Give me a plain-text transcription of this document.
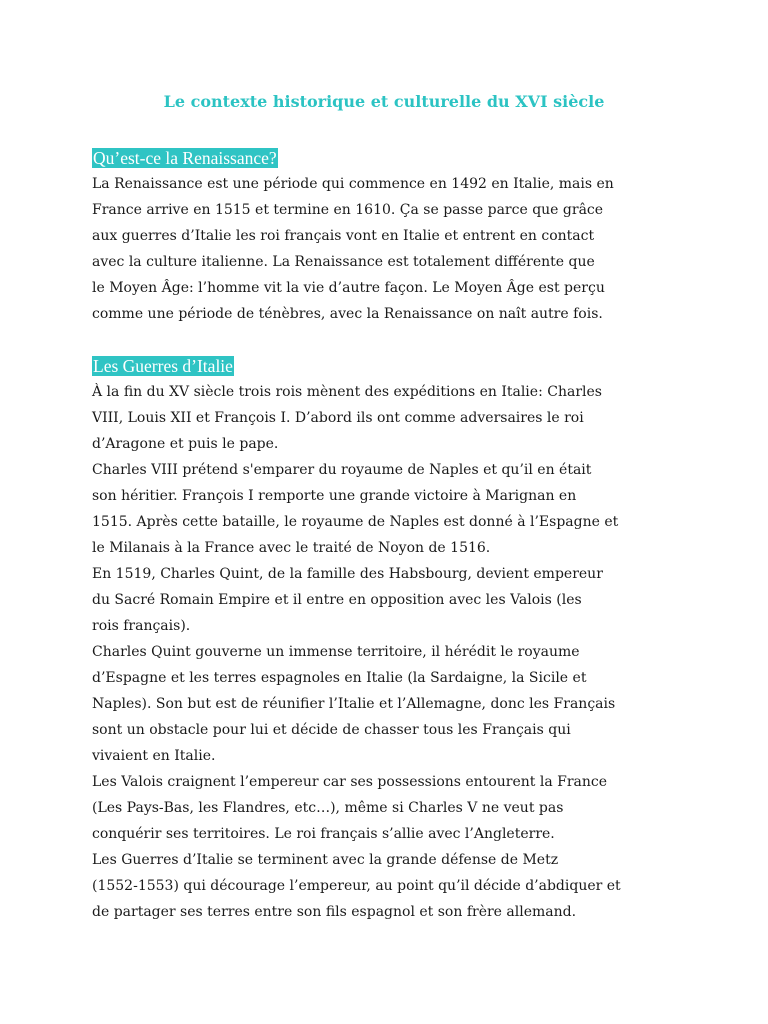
Le contexte historique et culturelle du XVI siècle
Qu’est-ce la Renaissance?
La Renaissance est une période qui commence en 1492 en Italie, mais en
France arrive en 1515 et termine en 1610. Ça se passe parce que grâce
aux guerres d’Italie les roi français vont en Italie et entrent en contact
avec la culture italienne. La Renaissance est totalement différente que
le Moyen Âge: l’homme vit la vie d’autre façon. Le Moyen Âge est perçu
comme une période de ténèbres, avec la Renaissance on naît autre fois.
Les Guerres d’Italie
À la fin du XV siècle trois rois mènent des expéditions en Italie: Charles
VIII, Louis XII et François I. D’abord ils ont comme adversaires le roi
d’Aragone et puis le pape.
Charles VIII prétend s'emparer du royaume de Naples et qu’il en était
son héritier. François I remporte une grande victoire à Marignan en
1515. Après cette bataille, le royaume de Naples est donné à l’Espagne et
le Milanais à la France avec le traité de Noyon de 1516.
En 1519, Charles Quint, de la famille des Habsbourg, devient empereur
du Sacré Romain Empire et il entre en opposition avec les Valois (les
rois français).
Charles Quint gouverne un immense territoire, il hérédit le royaume
d’Espagne et les terres espagnoles en Italie (la Sardaigne, la Sicile et
Naples). Son but est de réunifier l’Italie et l’Allemagne, donc les Français
sont un obstacle pour lui et décide de chasser tous les Français qui
vivaient en Italie.
Les Valois craignent l’empereur car ses possessions entourent la France
(Les Pays-Bas, les Flandres, etc…), même si Charles V ne veut pas
conquérir ses territoires. Le roi français s’allie avec l’Angleterre.
Les Guerres d’Italie se terminent avec la grande défense de Metz
(1552-1553) qui décourage l’empereur, au point qu’il décide d’abdiquer et
de partager ses terres entre son fils espagnol et son frère allemand.
